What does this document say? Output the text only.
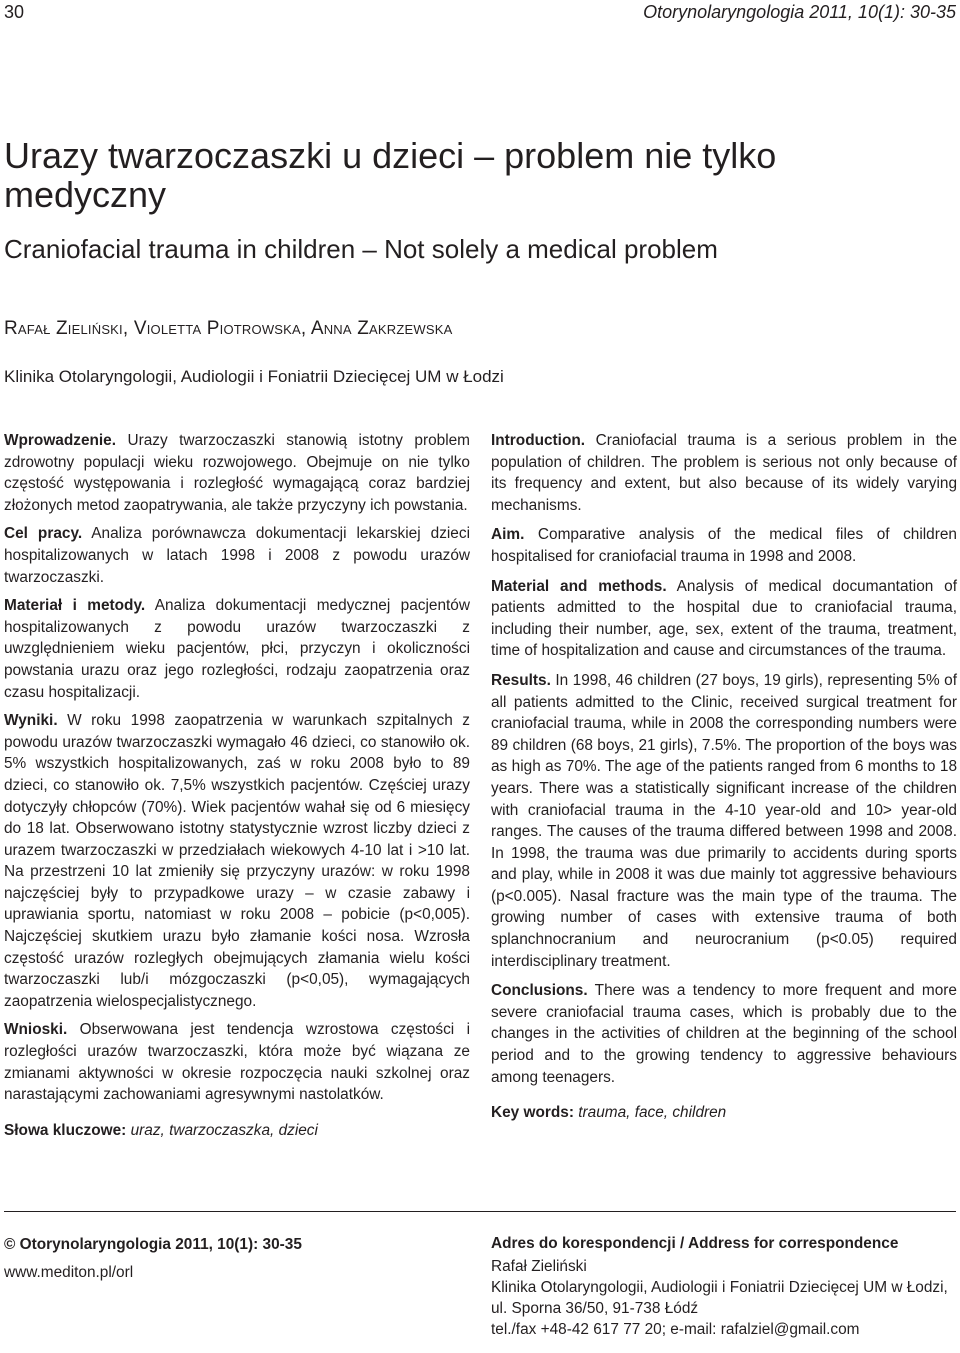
30	Otorynolaryngologia 2011, 10(1): 30-35
Urazy twarzoczaszki u dzieci – problem nie tylko medyczny
Craniofacial trauma in children – Not solely a medical problem
Rafał Zieliński, Violetta Piotrowska, Anna Zakrzewska
Klinika Otolaryngologii, Audiologii i Foniatrii Dziecięcej UM w Łodzi

Wprowadzenie. Urazy twarzoczaszki stanowią istotny problem zdrowotny populacji wieku rozwojowego. Obejmuje on nie tylko częstość występowania i rozległość wymagającą coraz bardziej złożonych metod zaopatrywania, ale także przyczyny ich powstania.

Cel pracy. Analiza porównawcza dokumentacji lekarskiej dzieci hospitalizowanych w latach 1998 i 2008 z powodu urazów twarzoczaszki.

Materiał i metody. Analiza dokumentacji medycznej pacjentów hospitalizowanych z powodu urazów twarzoczaszki z uwzględnieniem wieku pacjentów, płci, przyczyn i okoliczności powstania urazu oraz jego rozległości, rodzaju zaopatrzenia oraz czasu hospitalizacji.

Wyniki. W roku 1998 zaopatrzenia w warunkach szpitalnych z powodu urazów twarzoczaszki wymagało 46 dzieci, co stanowiło ok. 5% wszystkich hospitalizowanych, zaś w roku 2008 było to 89 dzieci, co stanowiło ok. 7,5% wszystkich pacjentów. Częściej urazy dotyczyły chłopców (70%). Wiek pacjentów wahał się od 6 miesięcy do 18 lat. Obserwowano istotny statystycznie wzrost liczby dzieci z urazem twarzoczaszki w przedziałach wiekowych 4-10 lat i >10 lat. Na przestrzeni 10 lat zmieniły się przyczyny urazów: w roku 1998 najczęściej były to przypadkowe urazy – w czasie zabawy i uprawiania sportu, natomiast w roku 2008 – pobicie (p<0,005). Najczęściej skutkiem urazu było złamanie kości nosa. Wzrosła częstość urazów rozległych obejmujących złamania wielu kości twarzoczaszki lub/i mózgoczaszki (p<0,05), wymagających zaopatrzenia wielospecjalistycznego.

Wnioski. Obserwowana jest tendencja wzrostowa częstości i rozległości urazów twarzoczaszki, która może być wiązana ze zmianami aktywności w okresie rozpoczęcia nauki szkolnej oraz narastającymi zachowaniami agresywnymi nastolatków.

Słowa kluczowe: uraz, twarzoczaszka, dzieci

Introduction. Craniofacial trauma is a serious problem in the population of children. The problem is serious not only because of its frequency and extent, but also because of its widely varying mechanisms.

Aim. Comparative analysis of the medical files of children hospitalised for craniofacial trauma in 1998 and 2008.

Material and methods. Analysis of medical documantation of patients admitted to the hospital due to craniofacial trauma, including their number, age, sex, extent of the trauma, treatment, time of hospitalization and cause and circumstances of the trauma.

Results. In 1998, 46 children (27 boys, 19 girls), representing 5% of all patients admitted to the Clinic, received surgical treatment for craniofacial trauma, while in 2008 the corresponding numbers were 89 children (68 boys, 21 girls), 7.5%. The proportion of the boys was as high as 70%. The age of the patients ranged from 6 months to 18 years. There was a statistically significant increase of the children with craniofacial trauma in the 4-10 year-old and 10> year-old ranges. The causes of the trauma differed between 1998 and 2008. In 1998, the trauma was due primarily to accidents during sports and play, while in 2008 it was due mainly tot aggressive behaviours (p<0.005). Nasal fracture was the main type of the trauma. The growing number of cases with extensive trauma of both splanchnocranium and neurocranium (p<0.05) required interdisciplinary treatment.

Conclusions. There was a tendency to more frequent and more severe craniofacial trauma cases, which is probably due to the changes in the activities of children at the beginning of the school period and to the growing tendency to aggressive behaviours among teenagers.

Key words: trauma, face, children

© Otorynolaryngologia 2011, 10(1): 30-35
www.mediton.pl/orl
Adres do korespondencji / Address for correspondence
Rafał Zieliński
Klinika Otolaryngologii, Audiologii i Foniatrii Dziecięcej UM w Łodzi, ul. Sporna 36/50, 91-738 Łódź
tel./fax +48-42 617 77 20; e-mail: rafalziel@gmail.com
